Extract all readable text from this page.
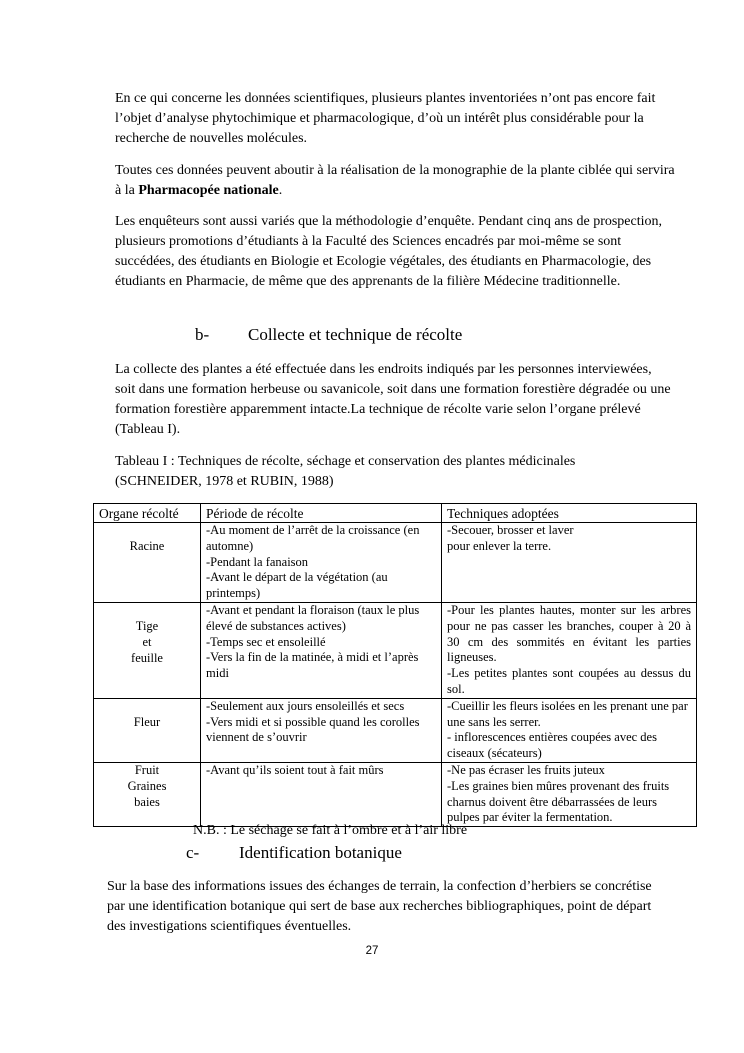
En ce qui concerne les données scientifiques, plusieurs plantes inventoriées n’ont pas encore fait l’objet d’analyse phytochimique et pharmacologique, d’où un intérêt plus considérable pour la recherche de nouvelles molécules.

Toutes ces données peuvent aboutir à la réalisation de la monographie de la plante ciblée qui servira à la Pharmacopée nationale.

Les enquêteurs sont aussi variés que la méthodologie d’enquête. Pendant cinq ans de prospection, plusieurs promotions d’étudiants à la Faculté des Sciences encadrés par moi-même se sont succédées, des étudiants en Biologie et Ecologie végétales, des étudiants en Pharmacologie, des étudiants en Pharmacie, de même que des apprenants de la filière Médecine traditionnelle.

b- Collecte et technique de récolte

La collecte des plantes a été effectuée dans les endroits indiqués par les personnes interviewées, soit dans une formation herbeuse ou savanicole, soit dans une formation forestière dégradée ou une formation forestière apparemment intacte.La technique de récolte varie selon l’organe prélevé (Tableau I).

Tableau I : Techniques de récolte, séchage et conservation des plantes médicinales (SCHNEIDER, 1978 et RUBIN, 1988)

Organe récolté	Période de récolte	Techniques adoptées

Racine	-Au moment de l’arrêt de la croissance (en automne)
-Pendant la fanaison
-Avant le départ de la végétation (au printemps)	-Secouer, brosser et laver
pour enlever la terre.

Tige
et
feuille	-Avant et pendant la floraison (taux le plus élevé de substances actives)
-Temps sec et ensoleillé
-Vers la fin de la matinée, à midi et l’après midi	-Pour les plantes hautes, monter sur les arbres pour ne pas casser les branches, couper à 20 à 30 cm des sommités en évitant les parties ligneuses.
-Les petites plantes sont coupées au dessus du sol.

Fleur	-Seulement aux jours ensoleillés et secs
-Vers midi et si possible quand les corolles viennent de s’ouvrir	-Cueillir les fleurs isolées en les prenant une par une sans les serrer.
- inflorescences entières coupées avec des ciseaux (sécateurs)

Fruit
Graines
baies	-Avant qu’ils soient tout à fait mûrs	-Ne pas écraser les fruits juteux
-Les graines bien mûres provenant des fruits charnus doivent être débarrassées de leurs pulpes par éviter la fermentation.

N.B. : Le séchage se fait à l’ombre et à l’air libre

c- Identification botanique

Sur la base des informations issues des échanges de terrain, la confection d’herbiers se concrétise par une identification botanique qui sert de base aux recherches bibliographiques, point de départ des investigations scientifiques éventuelles.

27
